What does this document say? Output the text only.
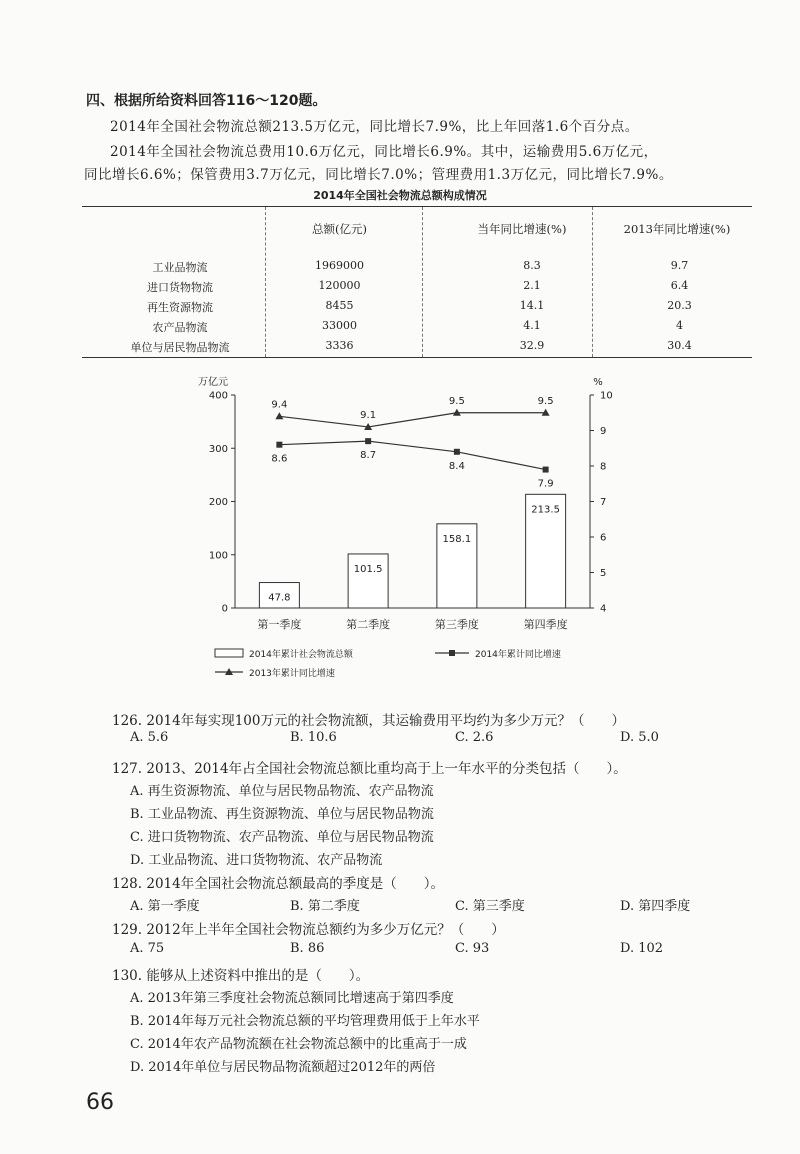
四、根据所给资料回答116～120题。
2014年全国社会物流总额213.5万亿元，同比增长7.9%，比上年回落1.6个百分点。
2014年全国社会物流总费用10.6万亿元，同比增长6.9%。其中，运输费用5.6万亿元，
同比增长6.6%；保管费用3.7万亿元，同比增长7.0%；管理费用1.3万亿元，同比增长7.9%。
2014年全国社会物流总额构成情况
总额(亿元)	当年同比增速(%)	2013年同比增速(%)
工业品物流	1969000	8.3	9.7
进口货物物流	120000	2.1	6.4
再生资源物流	8455	14.1	20.3
农产品物流	33000	4.1	4
单位与居民物品物流	3336	32.9	30.4
万亿元	%
0
100
200
300
400
4
5
6
7
8
9
10
47.8
101.5
158.1
213.5
第一季度	第二季度	第三季度	第四季度
9.4
9.1
9.5	9.5
8.6	8.7
8.4
7.9
2014年累计社会物流总额	2014年累计同比增速
2013年累计同比增速
126. 2014年每实现100万元的社会物流额，其运输费用平均约为多少万元？（　　）
A. 5.6	B. 10.6	C. 2.6	D. 5.0
127. 2013、2014年占全国社会物流总额比重均高于上一年水平的分类包括（　　）。
A. 再生资源物流、单位与居民物品物流、农产品物流
B. 工业品物流、再生资源物流、单位与居民物品物流
C. 进口货物物流、农产品物流、单位与居民物品物流
D. 工业品物流、进口货物物流、农产品物流
128. 2014年全国社会物流总额最高的季度是（　　）。
A. 第一季度	B. 第二季度	C. 第三季度	D. 第四季度
129. 2012年上半年全国社会物流总额约为多少万亿元？（　　）
A. 75	B. 86	C. 93	D. 102
130. 能够从上述资料中推出的是（　　）。
A. 2013年第三季度社会物流总额同比增速高于第四季度
B. 2014年每万元社会物流总额的平均管理费用低于上年水平
C. 2014年农产品物流额在社会物流总额中的比重高于一成
D. 2014年单位与居民物品物流额超过2012年的两倍
66
